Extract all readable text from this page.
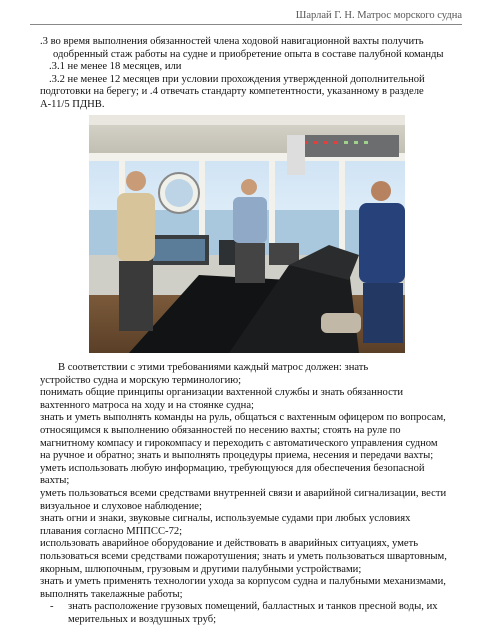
Шарлай Г. Н. Матрос морского судна

.3 во время выполнения обязанностей члена ходовой навигационной вахты получить

одобренный стаж работы на судне и приобретение опыта в составе палубной команды

.3.1 не менее 18 месяцев, или

.3.2 не менее 12 месяцев при условии прохождения утвержденной дополнительной

подготовки на берегу; и .4 отвечать стандарту компетентности, указанному в разделе

А-11/5 ПДНВ.

В соответствии с этими требованиями каждый матрос должен: знать

устройство судна и морскую терминологию;

понимать общие принципы организации вахтенной службы и знать обязанности

вахтенного матроса на ходу и на стоянке судна;

знать и уметь выполнять команды на руль, общаться с вахтенным офицером по вопросам,

относящимся к выполнению обязанностей по несению вахты; стоять на руле по

магнитному компасу и гирокомпасу и переходить с автоматического управления судном

на ручное и обратно; знать и выполнять процедуры приема, несения и передачи вахты;

уметь использовать любую информацию, требующуюся для обеспечения безопасной

вахты;

уметь пользоваться всеми средствами внутренней связи и аварийной сигнализации, вести

визуальное и слуховое наблюдение;

знать огни и знаки, звуковые сигналы, используемые судами при любых условиях

плавания согласно МППСС-72;

использовать аварийное оборудование и действовать в аварийных ситуациях, уметь

пользоваться всеми средствами пожаротушения; знать и уметь пользоваться швартовным,

якорным, шлюпочным, грузовым и другими палубными устройствами;

знать и уметь применять технологии ухода за корпусом судна и палубными механизмами,

выполнять такелажные работы;

- знать расположение грузовых помещений, балластных и танков пресной воды, их

мерительных и воздушных труб;
